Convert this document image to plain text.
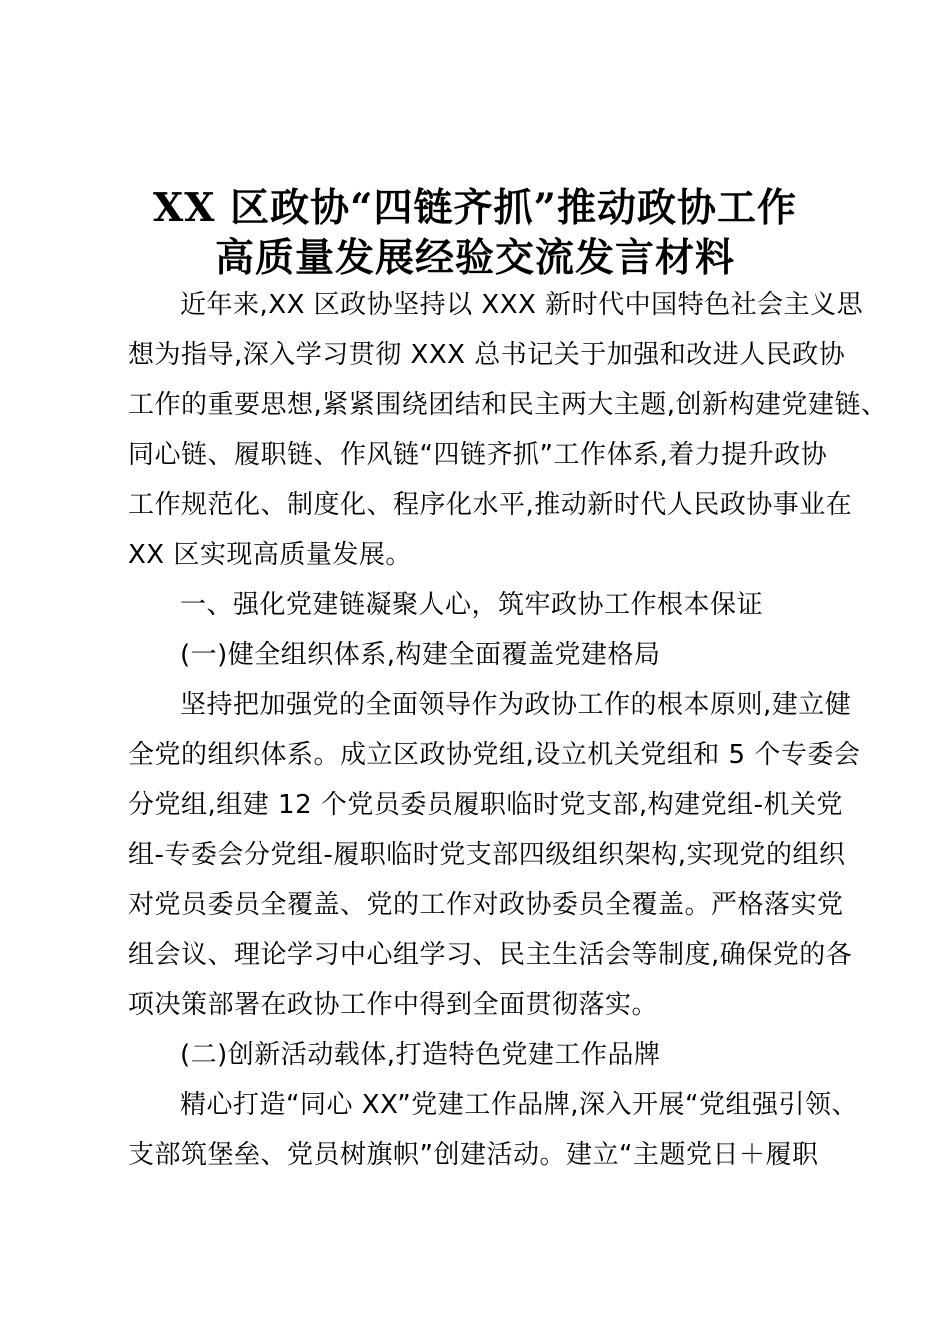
XX 区政协“四链齐抓”推动政协工作
高质量发展经验交流发言材料
近年来,XX 区政协坚持以 XXX 新时代中国特色社会主义思
想为指导,深入学习贯彻 XXX 总书记关于加强和改进人民政协
工作的重要思想,紧紧围绕团结和民主两大主题,创新构建党建链、
同心链、履职链、作风链“四链齐抓”工作体系,着力提升政协
工作规范化、制度化、程序化水平,推动新时代人民政协事业在
XX 区实现高质量发展。
一、强化党建链凝聚人心，筑牢政协工作根本保证
(一)健全组织体系,构建全面覆盖党建格局
坚持把加强党的全面领导作为政协工作的根本原则,建立健
全党的组织体系。成立区政协党组,设立机关党组和 5 个专委会
分党组,组建 12 个党员委员履职临时党支部,构建党组-机关党
组-专委会分党组-履职临时党支部四级组织架构,实现党的组织
对党员委员全覆盖、党的工作对政协委员全覆盖。严格落实党
组会议、理论学习中心组学习、民主生活会等制度,确保党的各
项决策部署在政协工作中得到全面贯彻落实。
(二)创新活动载体,打造特色党建工作品牌
精心打造“同心 XX”党建工作品牌,深入开展“党组强引领、
支部筑堡垒、党员树旗帜”创建活动。建立“主题党日＋履职
